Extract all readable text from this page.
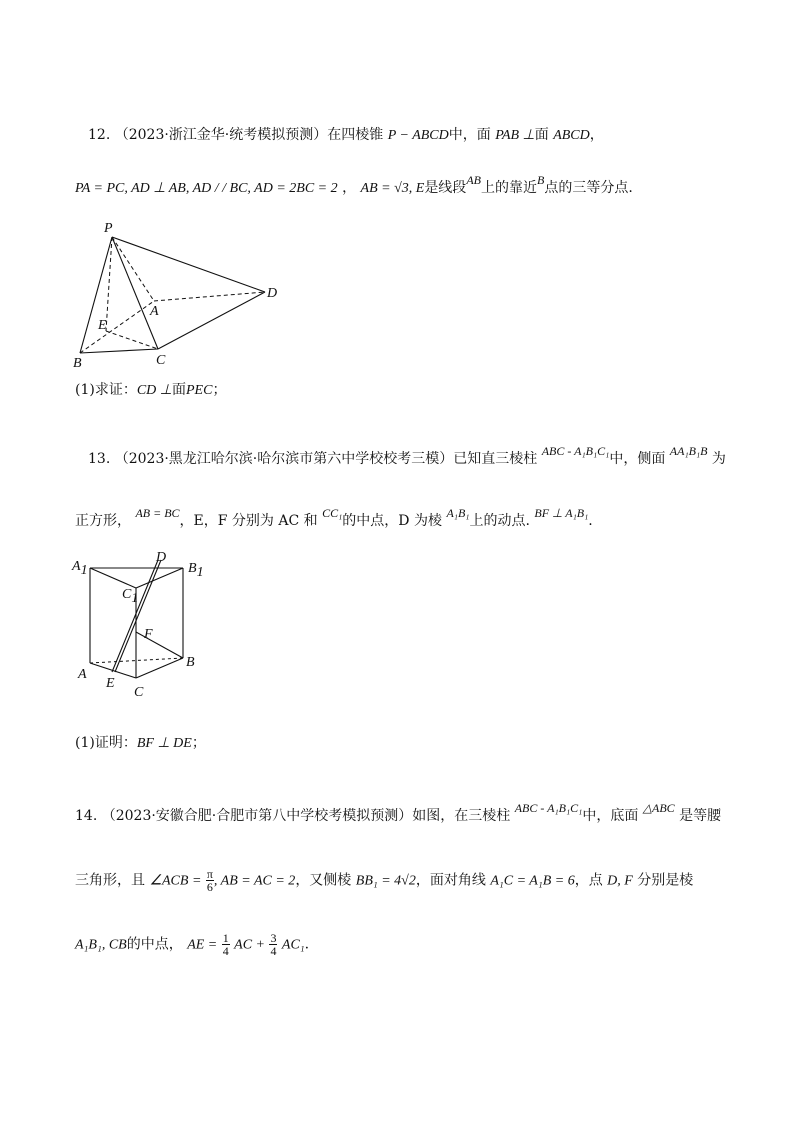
12. （2023·浙江金华·统考模拟预测）在四棱锥 P − ABCD中，面 PAB ⊥面 ABCD，
PA = PC, AD ⊥ AB, AD / / BC, AD = 2BC = 2 ， AB = √3, E是线段AB上的靠近B点的三等分点.
P
A
D
E
B	C
(1)求证：CD ⊥面PEC；
13. （2023·黑龙江哈尔滨·哈尔滨市第六中学校校考三模）已知直三棱柱 ABC - A₁B₁C₁中，侧面 AA₁B₁B 为
正方形， AB = BC，E，F 分别为 AC 和 CC₁的中点，D 为棱 A₁B₁上的动点. BF ⊥ A₁B₁.
A1
D
B1
C1
F
A
B
E
C
(1)证明：BF ⊥ DE；
14. （2023·安徽合肥·合肥市第八中学校考模拟预测）如图，在三棱柱 ABC - A₁B₁C₁中，底面 △ABC 是等腰
三角形，且 ∠ACB = $\frac{\pi}{6}$ , AB = AC = 2，又侧棱 BB₁ = 4√2，面对角线 A₁C = A₁B = 6，点 D, F 分别是棱
A₁B₁, CB的中点， AE = $\frac{1}{4}$ AC + $\frac{3}{4} AC_1$.
